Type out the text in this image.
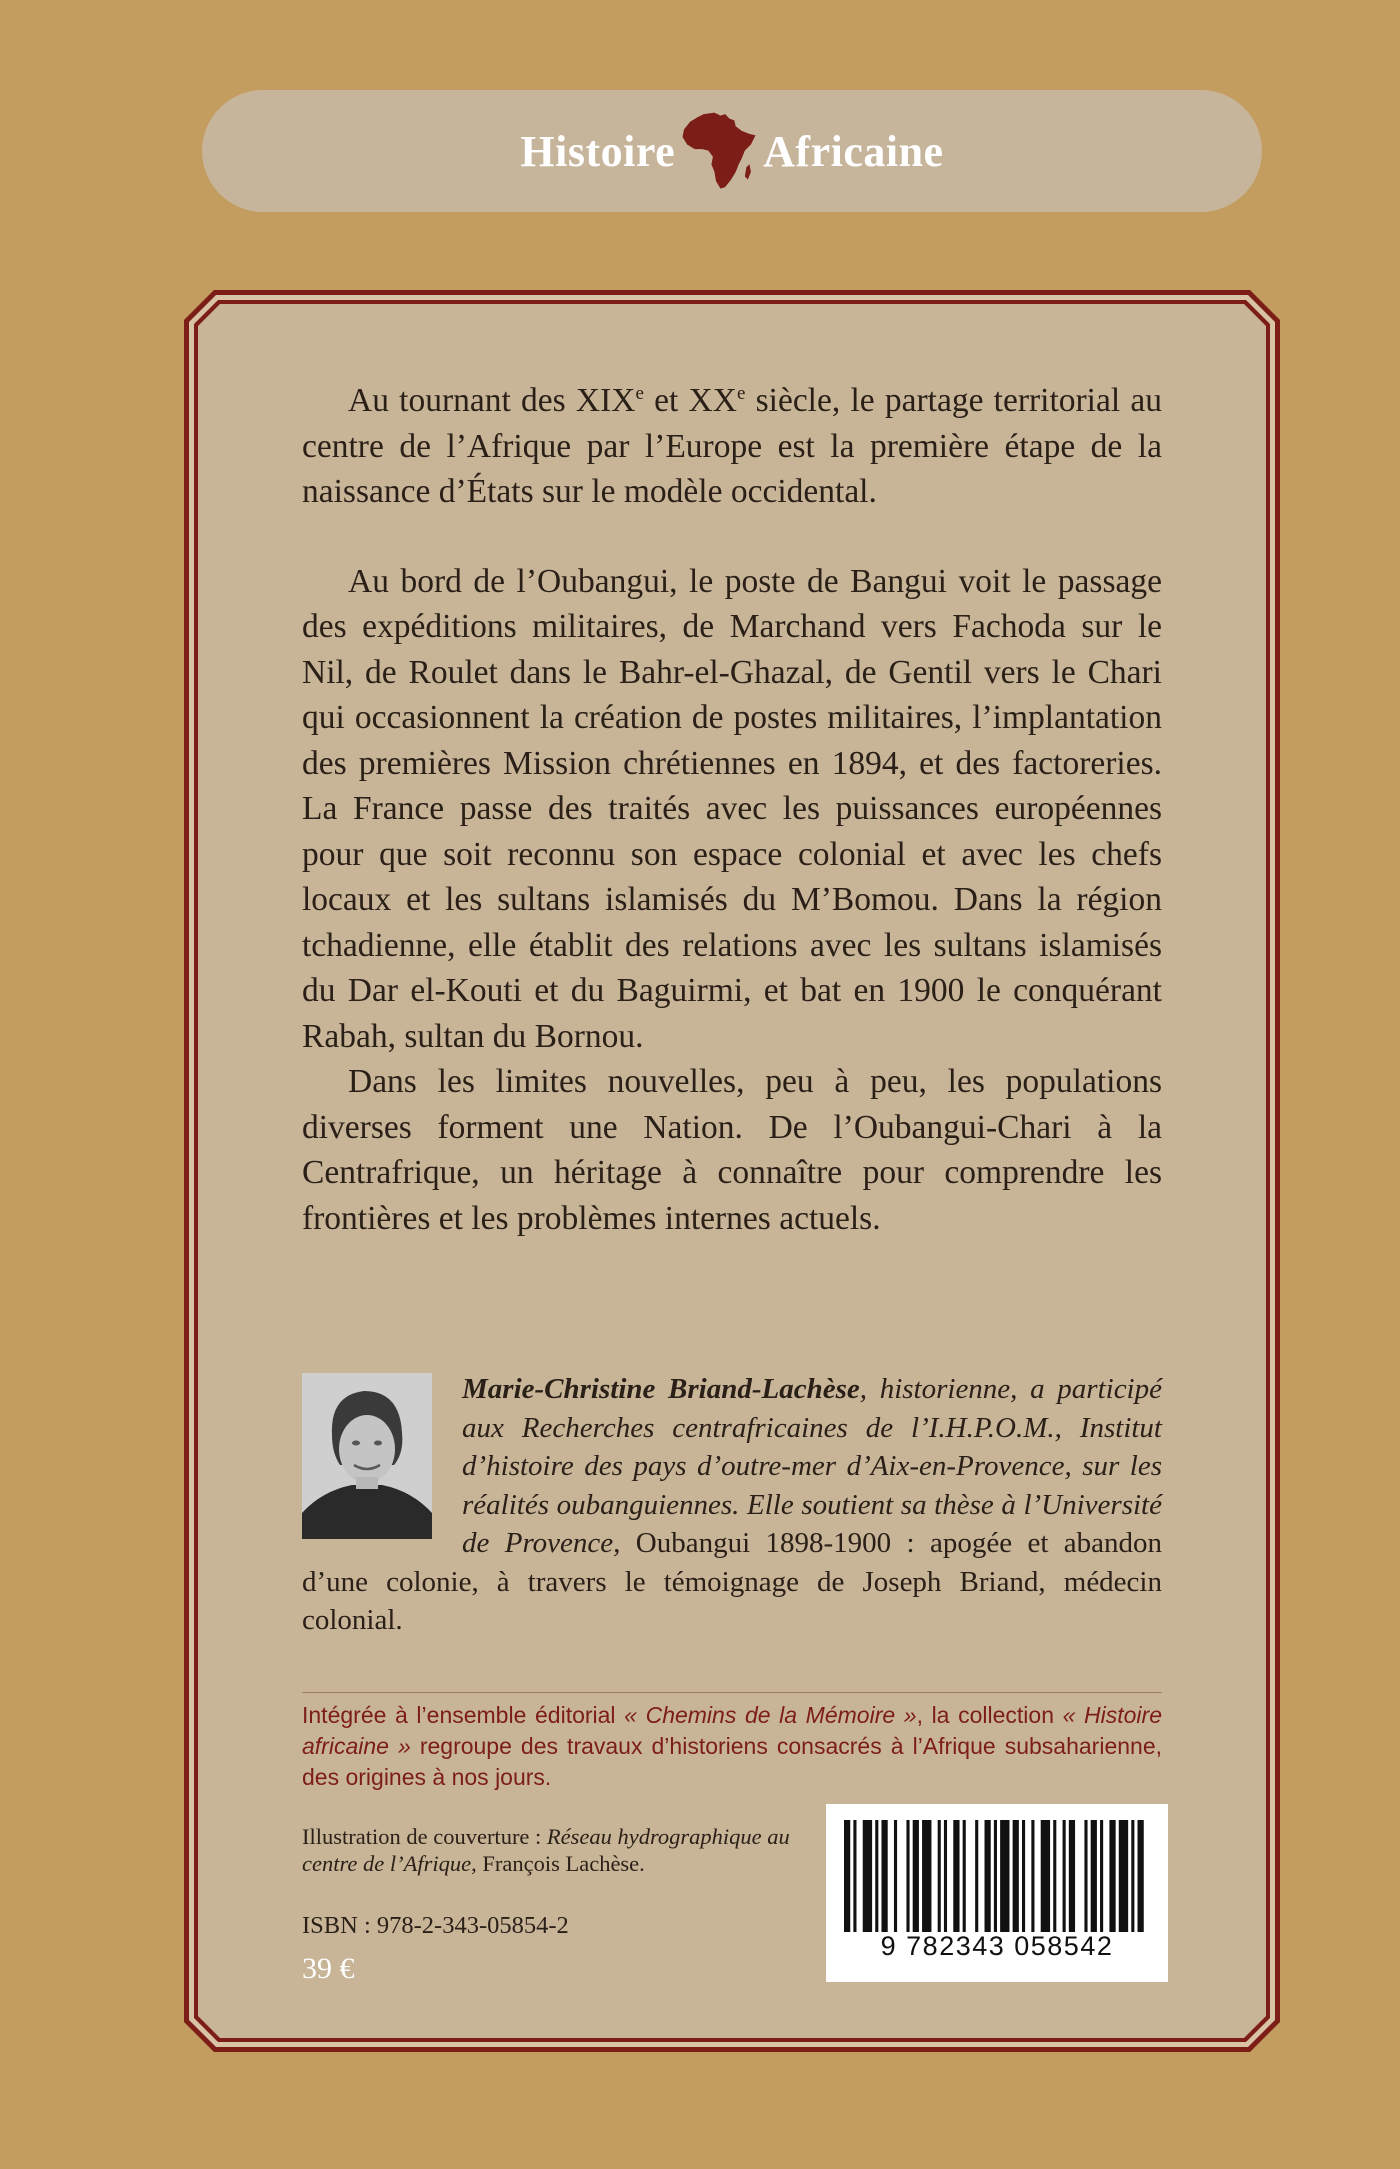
Histoire Africaine

Au tournant des XIXe et XXe siècle, le partage territorial au centre de l’Afrique par l’Europe est la première étape de la naissance d’États sur le modèle occidental.

Au bord de l’Oubangui, le poste de Bangui voit le passage des expéditions militaires, de Marchand vers Fachoda sur le Nil, de Roulet dans le Bahr-el-Ghazal, de Gentil vers le Chari qui occasionnent la création de postes militaires, l’implantation des premières Mission chrétiennes en 1894, et des factoreries. La France passe des traités avec les puissances européennes pour que soit reconnu son espace colonial et avec les chefs locaux et les sultans islamisés du M’Bomou. Dans la région tchadienne, elle établit des relations avec les sultans islamisés du Dar el-Kouti et du Baguirmi, et bat en 1900 le conquérant Rabah, sultan du Bornou.

Dans les limites nouvelles, peu à peu, les populations diverses forment une Nation. De l’Oubangui-Chari à la Centrafrique, un héritage à connaître pour comprendre les frontières et les problèmes internes actuels.

Marie-Christine Briand-Lachèse, historienne, a participé aux Recherches centrafricaines de l’I.H.P.O.M., Institut d’histoire des pays d’outre-mer d’Aix-en-Provence, sur les réalités oubanguiennes. Elle soutient sa thèse à l’Université de Provence, Oubangui 1898-1900 : apogée et abandon d’une colonie, à travers le témoignage de Joseph Briand, médecin colonial.
Intégrée à l’ensemble éditorial « Chemins de la Mémoire », la collection « Histoire africaine » regroupe des travaux d’historiens consacrés à l’Afrique subsaharienne, des origines à nos jours.
Illustration de couverture : Réseau hydrographique au centre de l’Afrique, François Lachèse.
ISBN : 978-2-343-05854-2
39 €
9 782343 058542
